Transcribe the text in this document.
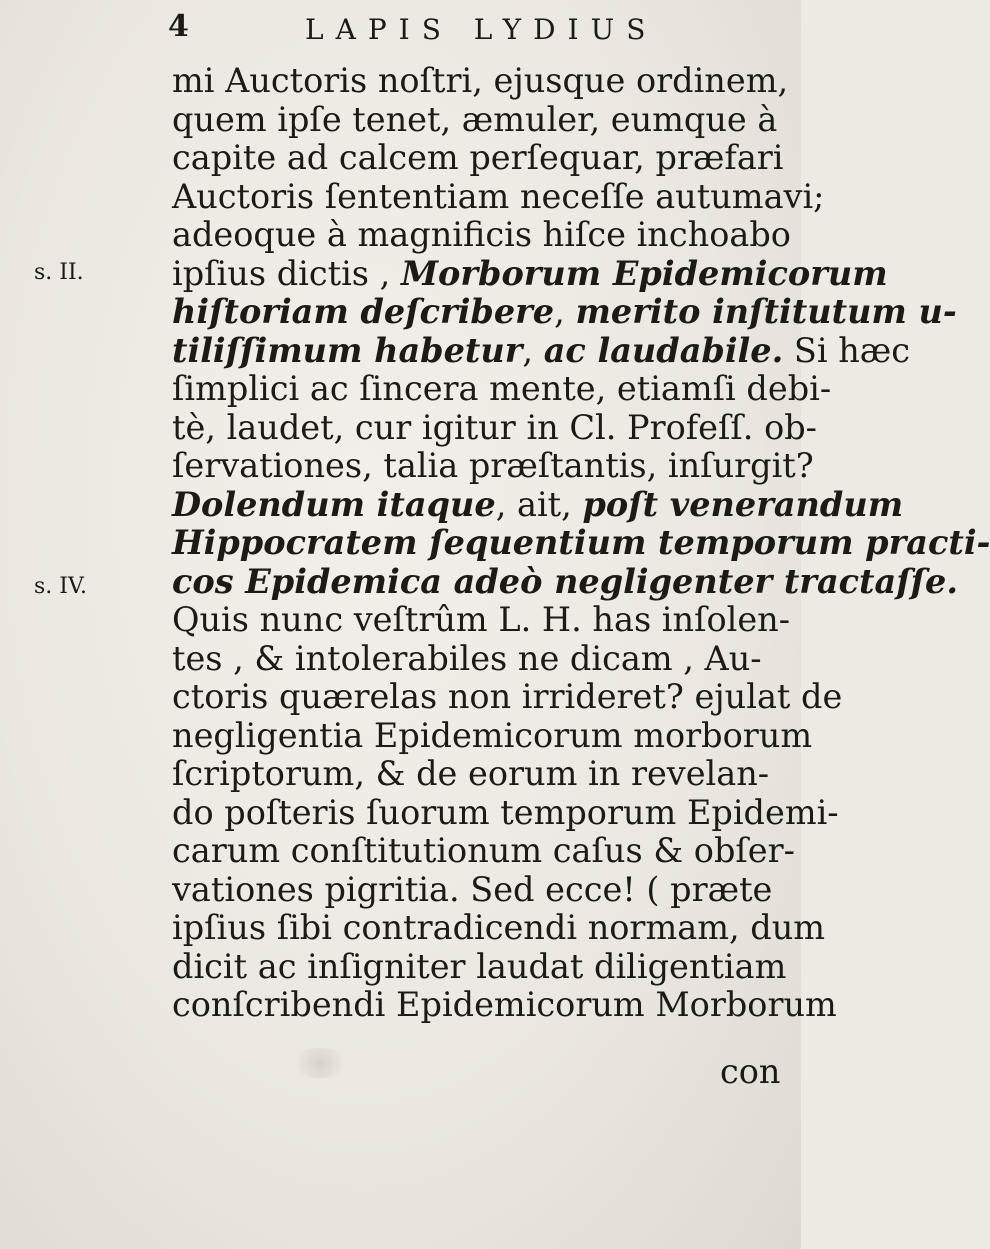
4	LAPIS LYDIUS
s. II.
s. IV.
mi Auctoris noſtri, ejusque ordinem,
quem ipſe tenet, æmuler, eumque à
capite ad calcem perſequar, præfari
Auctoris ſententiam neceſſe autumavi;
adeoque à magnificis hiſce inchoabo
ipſius dictis , Morborum Epidemicorum
hiſtoriam deſcribere, merito inſtitutum u-
tiliſſimum habetur, ac laudabile. Si hæc
ſimplici ac ſincera mente, etiamſi debi-
tè, laudet, cur igitur in Cl. Profeſſ. ob-
ſervationes, talia præſtantis, inſurgit?
Dolendum itaque, ait, poſt venerandum
Hippocratem ſequentium temporum practi-
cos Epidemica adeò negligenter tractaſſe.
Quis nunc veſtrûm L. H. has inſolen-
tes , & intolerabiles ne dicam , Au-
ctoris quærelas non irrideret? ejulat de
negligentia Epidemicorum morborum
ſcriptorum, & de eorum in revelan-
do poſteris ſuorum temporum Epidemi-
carum conſtitutionum caſus & obſer-
vationes pigritia. Sed ecce! ( præte
ipſius ſibi contradicendi normam, dum
dicit ac inſigniter laudat diligentiam
conſcribendi Epidemicorum Morborum
con
